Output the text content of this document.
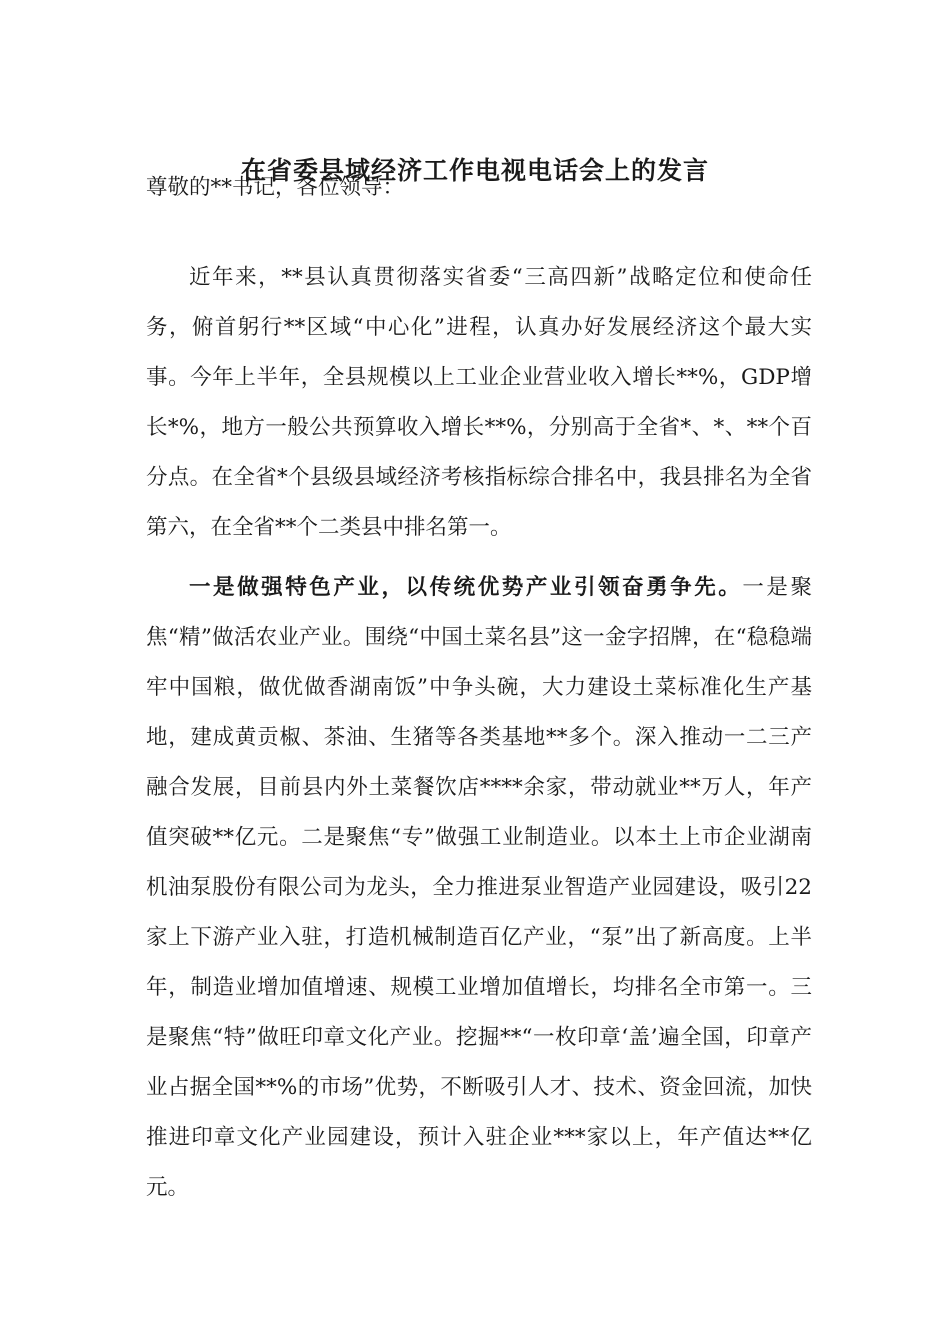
在省委县域经济工作电视电话会上的发言
尊敬的**书记，各位领导：

近年来，**县认真贯彻落实省委“三高四新”战略定位和使命任务，俯首躬行**区域“中心化”进程，认真办好发展经济这个最大实事。今年上半年，全县规模以上工业企业营业收入增长**%，GDP增长*%，地方一般公共预算收入增长**%，分别高于全省*、*、**个百分点。在全省*个县级县域经济考核指标综合排名中，我县排名为全省第六，在全省**个二类县中排名第一。

一是做强特色产业，以传统优势产业引领奋勇争先。一是聚焦“精”做活农业产业。围绕“中国土菜名县”这一金字招牌，在“稳稳端牢中国粮，做优做香湖南饭”中争头碗，大力建设土菜标准化生产基地，建成黄贡椒、茶油、生猪等各类基地**多个。深入推动一二三产融合发展，目前县内外土菜餐饮店****余家，带动就业**万人，年产值突破**亿元。二是聚焦“专”做强工业制造业。以本土上市企业湖南机油泵股份有限公司为龙头，全力推进泵业智造产业园建设，吸引22家上下游产业入驻，打造机械制造百亿产业，“泵”出了新高度。上半年，制造业增加值增速、规模工业增加值增长，均排名全市第一。三是聚焦“特”做旺印章文化产业。挖掘**“一枚印章‘盖’遍全国，印章产业占据全国**%的市场”优势，不断吸引人才、技术、资金回流，加快推进印章文化产业园建设，预计入驻企业***家以上，年产值达**亿元。
